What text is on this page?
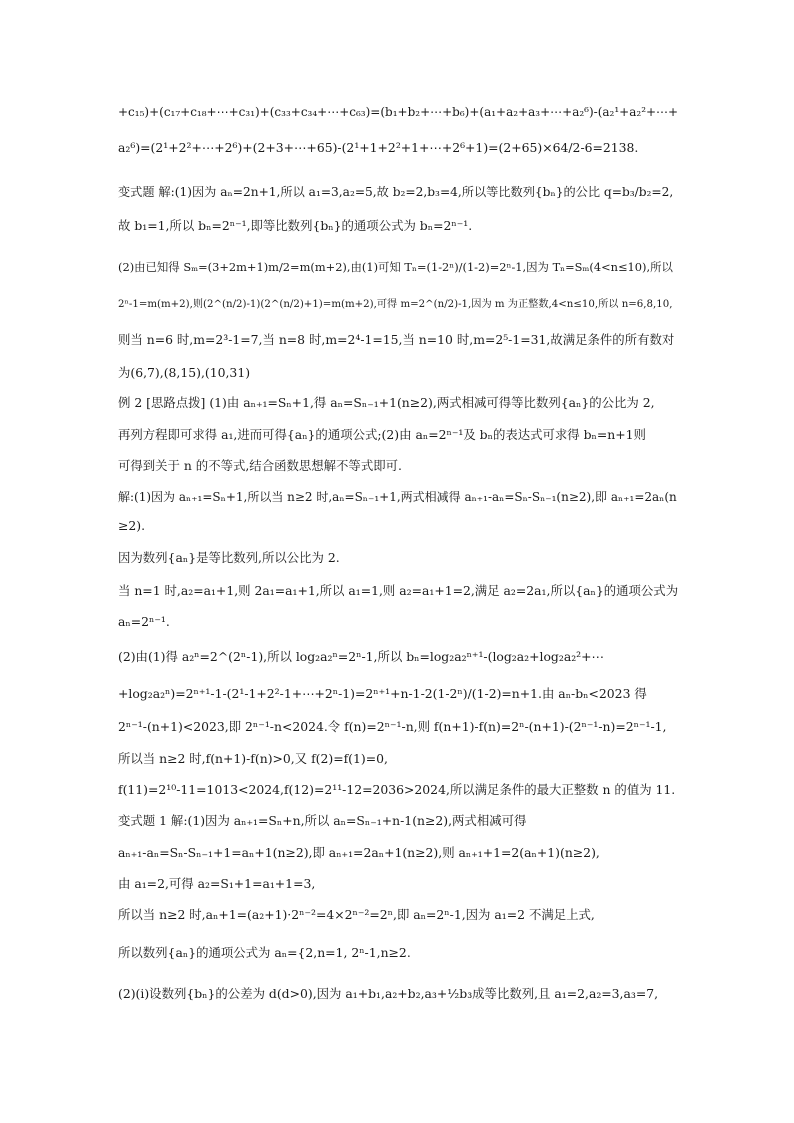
+c₁₅)+(c₁₇+c₁₈+⋯+c₃₁)+(c₃₃+c₃₄+⋯+c₆₃)=(b₁+b₂+⋯+b₆)+(a₁+a₂+a₃+⋯+a₂⁶)-(a₂¹+a₂²+⋯+
a₂⁶)=(2¹+2²+⋯+2⁶)+(2+3+⋯+65)-(2¹+1+2²+1+⋯+2⁶+1)=(2+65)×64/2-6=2138.
变式题 解:(1)因为 aₙ=2n+1,所以 a₁=3,a₂=5,故 b₂=2,b₃=4,所以等比数列{bₙ}的公比 q=b₃/b₂=2,
故 b₁=1,所以 bₙ=2ⁿ⁻¹,即等比数列{bₙ}的通项公式为 bₙ=2ⁿ⁻¹.
(2)由已知得 Sₘ=(3+2m+1)m/2=m(m+2),由(1)可知 Tₙ=(1-2ⁿ)/(1-2)=2ⁿ-1,因为 Tₙ=Sₘ(4<n≤10),所以
2ⁿ-1=m(m+2),则(2^(n/2)-1)(2^(n/2)+1)=m(m+2),可得 m=2^(n/2)-1,因为 m 为正整数,4<n≤10,所以 n=6,8,10,
则当 n=6 时,m=2³-1=7,当 n=8 时,m=2⁴-1=15,当 n=10 时,m=2⁵-1=31,故满足条件的所有数对
为(6,7),(8,15),(10,31)
例 2 [思路点拨] (1)由 aₙ₊₁=Sₙ+1,得 aₙ=Sₙ₋₁+1(n≥2),两式相减可得等比数列{aₙ}的公比为 2,
再列方程即可求得 a₁,进而可得{aₙ}的通项公式;(2)由 aₙ=2ⁿ⁻¹及 bₙ的表达式可求得 bₙ=n+1则
可得到关于 n 的不等式,结合函数思想解不等式即可.
解:(1)因为 aₙ₊₁=Sₙ+1,所以当 n≥2 时,aₙ=Sₙ₋₁+1,两式相减得 aₙ₊₁-aₙ=Sₙ-Sₙ₋₁(n≥2),即 aₙ₊₁=2aₙ(n
≥2).
因为数列{aₙ}是等比数列,所以公比为 2.
当 n=1 时,a₂=a₁+1,则 2a₁=a₁+1,所以 a₁=1,则 a₂=a₁+1=2,满足 a₂=2a₁,所以{aₙ}的通项公式为
aₙ=2ⁿ⁻¹.
(2)由(1)得 a₂ⁿ=2^(2ⁿ-1),所以 log₂a₂ⁿ=2ⁿ-1,所以 bₙ=log₂a₂ⁿ⁺¹-(log₂a₂+log₂a₂²+⋯
+log₂a₂ⁿ)=2ⁿ⁺¹-1-(2¹-1+2²-1+⋯+2ⁿ-1)=2ⁿ⁺¹+n-1-2(1-2ⁿ)/(1-2)=n+1.由 aₙ-bₙ<2023 得
2ⁿ⁻¹-(n+1)<2023,即 2ⁿ⁻¹-n<2024.令 f(n)=2ⁿ⁻¹-n,则 f(n+1)-f(n)=2ⁿ-(n+1)-(2ⁿ⁻¹-n)=2ⁿ⁻¹-1,
所以当 n≥2 时,f(n+1)-f(n)>0,又 f(2)=f(1)=0,
f(11)=2¹⁰-11=1013<2024,f(12)=2¹¹-12=2036>2024,所以满足条件的最大正整数 n 的值为 11.
变式题 1 解:(1)因为 aₙ₊₁=Sₙ+n,所以 aₙ=Sₙ₋₁+n-1(n≥2),两式相减可得
aₙ₊₁-aₙ=Sₙ-Sₙ₋₁+1=aₙ+1(n≥2),即 aₙ₊₁=2aₙ+1(n≥2),则 aₙ₊₁+1=2(aₙ+1)(n≥2),
由 a₁=2,可得 a₂=S₁+1=a₁+1=3,
所以当 n≥2 时,aₙ+1=(a₂+1)·2ⁿ⁻²=4×2ⁿ⁻²=2ⁿ,即 aₙ=2ⁿ-1,因为 a₁=2 不满足上式,
所以数列{aₙ}的通项公式为 aₙ={2,n=1, 2ⁿ-1,n≥2.
(2)(i)设数列{bₙ}的公差为 d(d>0),因为 a₁+b₁,a₂+b₂,a₃+½b₃成等比数列,且 a₁=2,a₂=3,a₃=7,
